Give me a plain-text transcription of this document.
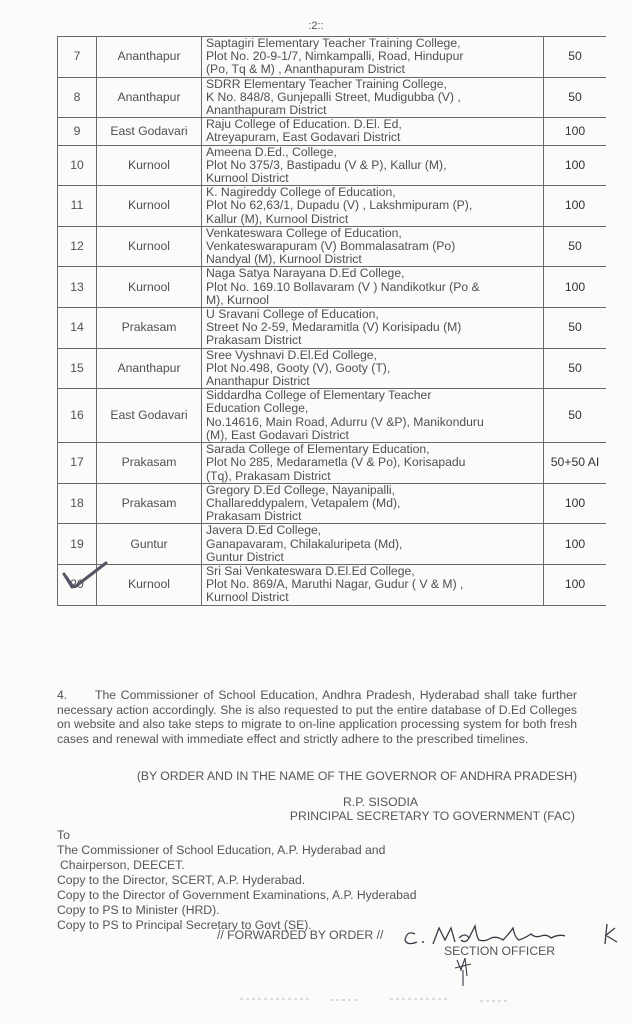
:2::
7	Ananthapur	Saptagiri Elementary Teacher Training College,
Plot No. 20-9-1/7, Nimkampalli, Road, Hindupur
(Po, Tq & M) , Ananthapuram District	50
8	Ananthapur	SDRR Elementary Teacher Training College,
K No. 848/8, Gunjepalli Street, Mudigubba (V) ,
Ananthapuram District	50
9	East Godavari	Raju College of Education. D.El. Ed,
Atreyapuram, East Godavari District	100
10	Kurnool	Ameena D.Ed., College,
Plot No 375/3, Bastipadu (V & P), Kallur (M),
Kurnool District	100
11	Kurnool	K. Nagireddy College of Education,
Plot No 62,63/1, Dupadu (V) , Lakshmipuram (P),
Kallur (M), Kurnool District	100
12	Kurnool	Venkateswara College of Education,
Venkateswarapuram (V) Bommalasatram (Po)
Nandyal (M), Kurnool District	50
13	Kurnool	Naga Satya Narayana D.Ed College,
Plot No. 169.10 Bollavaram (V ) Nandikotkur (Po &
M), Kurnool	100
14	Prakasam	U Sravani College of Education,
Street No 2-59, Medaramitla (V) Korisipadu (M)
Prakasam District	50
15	Ananthapur	Sree Vyshnavi D.El.Ed College,
Plot No.498, Gooty (V), Gooty (T),
Ananthapur District	50
16	East Godavari	Siddardha College of Elementary Teacher
Education College,
No.14616, Main Road, Adurru (V &P), Manikonduru
(M), East Godavari District	50
17	Prakasam	Sarada College of Elementary Education,
Plot No 285, Medarametla (V & Po), Korisapadu
(Tq), Prakasam District	50+50 AI
18	Prakasam	Gregory D.Ed College, Nayanipalli,
Challareddypalem, Vetapalem (Md),
Prakasam District	100
19	Guntur	Javera D.Ed College,
Ganapavaram, Chilakaluripeta (Md),
Guntur District	100
20	Kurnool	Sri Sai Venkateswara D.El.Ed College,
Plot No. 869/A, Maruthi Nagar, Gudur ( V & M) ,
Kurnool District	100
4. The Commissioner of School Education, Andhra Pradesh, Hyderabad shall take further necessary action accordingly. She is also requested to put the entire database of D.Ed Colleges on website and also take steps to migrate to on-line application processing system for both fresh cases and renewal with immediate effect and strictly adhere to the prescribed timelines.
(BY ORDER AND IN THE NAME OF THE GOVERNOR OF ANDHRA PRADESH)
R.P. SISODIA
PRINCIPAL SECRETARY TO GOVERNMENT (FAC)
To
The Commissioner of School Education, A.P. Hyderabad and
Chairperson, DEECET.
Copy to the Director, SCERT, A.P. Hyderabad.
Copy to the Director of Government Examinations, A.P. Hyderabad
Copy to PS to Minister (HRD).
Copy to PS to Principal Secretary to Govt (SE).
// FORWARDED BY ORDER //
SECTION OFFICER
